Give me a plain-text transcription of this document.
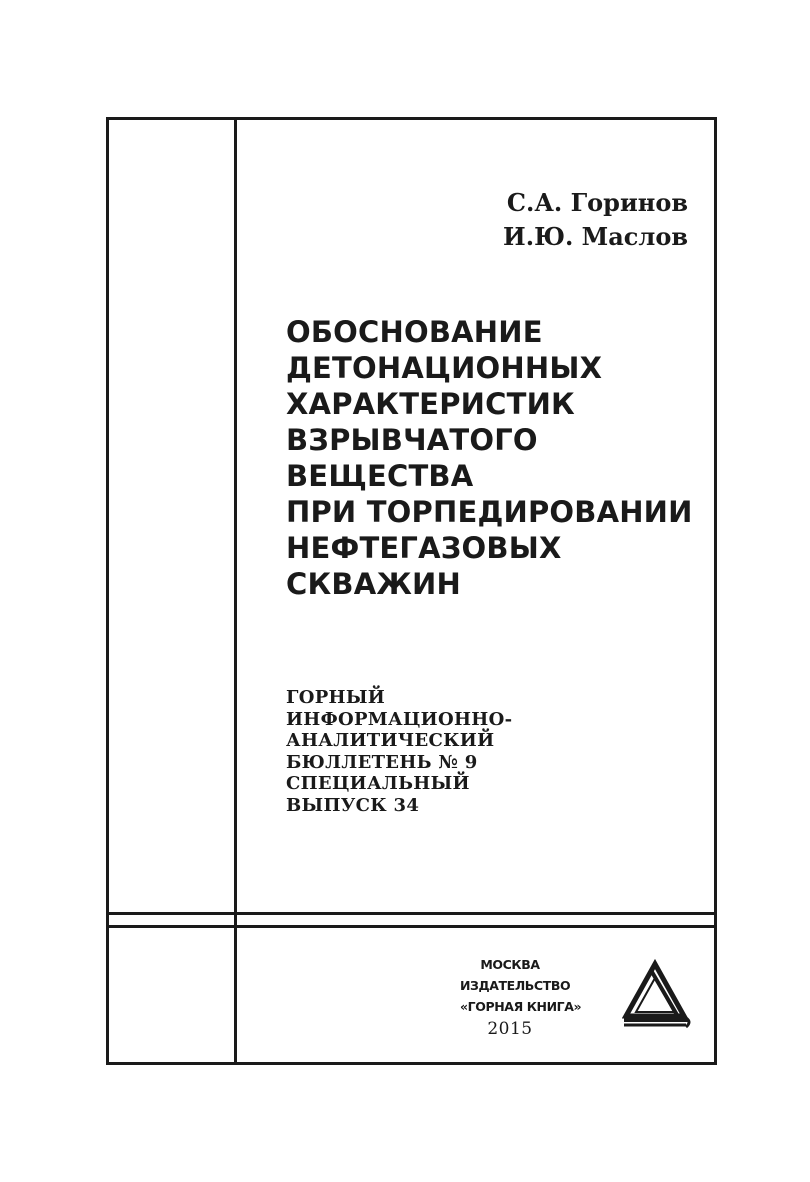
С.А. Горинов
И.Ю. Маслов
ОБОСНОВАНИЕ
ДЕТОНАЦИОННЫХ
ХАРАКТЕРИСТИК
ВЗРЫВЧАТОГО
ВЕЩЕСТВА
ПРИ ТОРПЕДИРОВАНИИ
НЕФТЕГАЗОВЫХ
СКВАЖИН
ГОРНЫЙ
ИНФОРМАЦИОННО-
АНАЛИТИЧЕСКИЙ
БЮЛЛЕТЕНЬ № 9
СПЕЦИАЛЬНЫЙ
ВЫПУСК 34
МОСКВА
ИЗДАТЕЛЬСТВО
«ГОРНАЯ КНИГА»
2015
